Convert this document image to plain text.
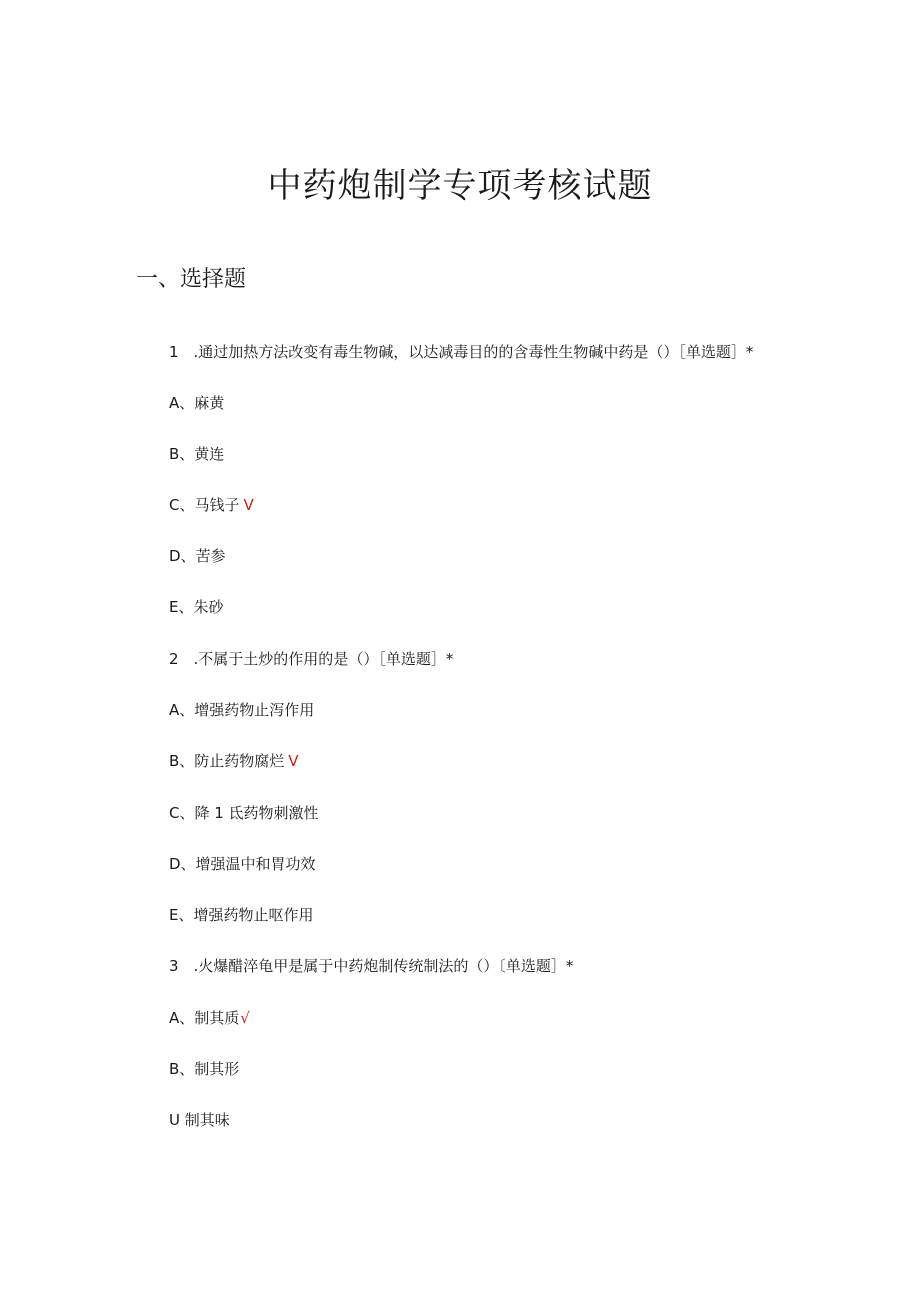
中药炮制学专项考核试题
一、选择题
1　.通过加热方法改变有毒生物碱，以达减毒目的的含毒性生物碱中药是（）［单选题］*
A、麻黄
B、黄连
C、马钱子 V
D、苦参
E、朱砂
2　.不属于土炒的作用的是（）［单选题］*
A、增强药物止泻作用
B、防止药物腐烂 V
C、降 1 氐药物刺激性
D、增强温中和胃功效
E、增强药物止呕作用
3　.火爆醋淬龟甲是属于中药炮制传统制法的（）〔单选题］*
A、制其质√
B、制其形
U 制其味
